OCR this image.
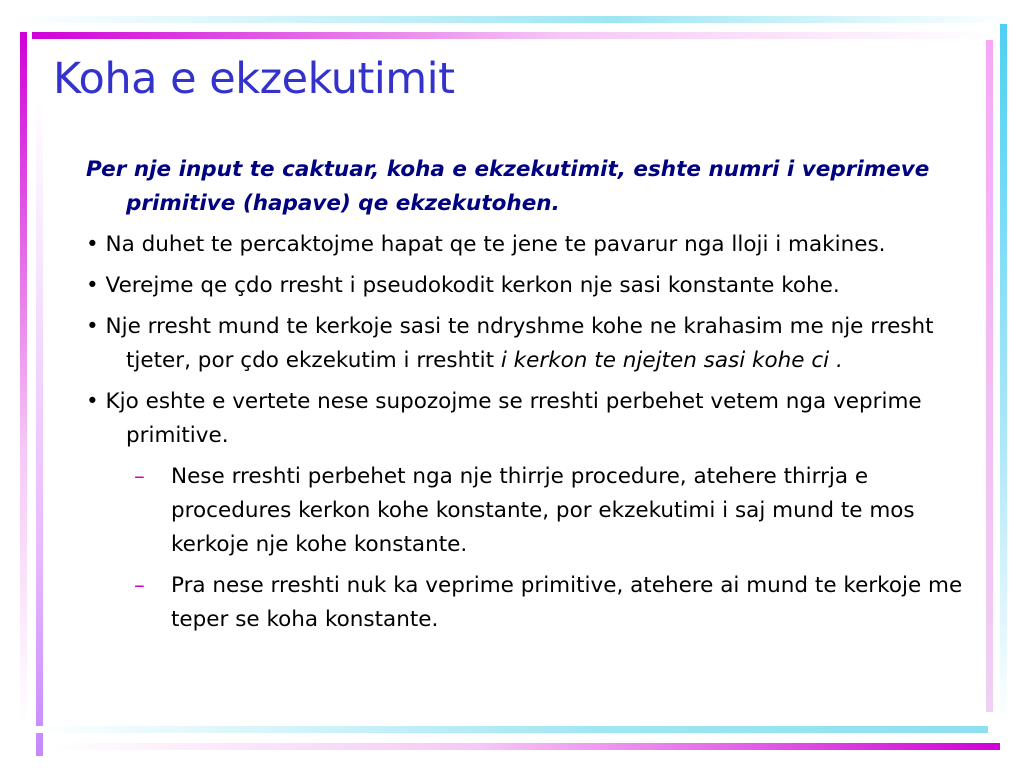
Koha e ekzekutimit

Per nje input te caktuar, koha e ekzekutimit, eshte numri i veprimeve primitive (hapave) qe ekzekutohen.

• Na duhet te percaktojme hapat qe te jene te pavarur nga lloji i makines.

• Verejme qe çdo rresht i pseudokodit kerkon nje sasi konstante kohe.

• Nje rresht mund te kerkoje sasi te ndryshme kohe ne krahasim me nje rresht tjeter, por çdo ekzekutim i rreshtit i kerkon te njejten sasi kohe ci .

• Kjo eshte e vertete nese supozojme se rreshti perbehet vetem nga veprime primitive.

– Nese rreshti perbehet nga nje thirrje procedure, atehere thirrja e procedures kerkon kohe konstante, por ekzekutimi i saj mund te mos kerkoje nje kohe konstante.

– Pra nese rreshti nuk ka veprime primitive, atehere ai mund te kerkoje me teper se koha konstante.
